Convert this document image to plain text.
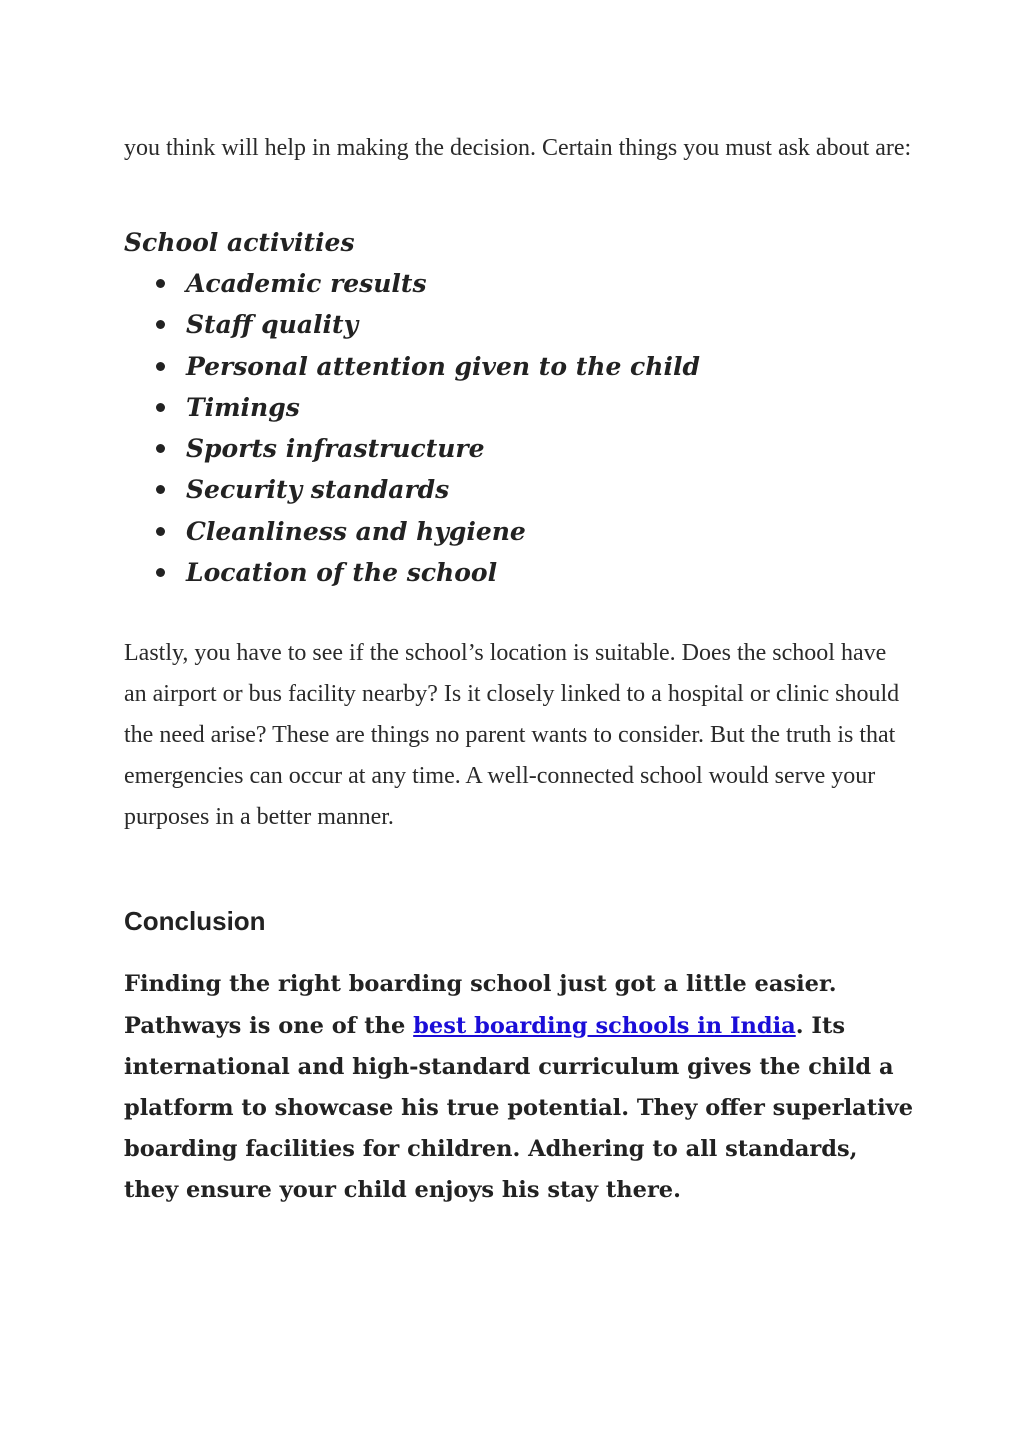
you think will help in making the decision. Certain things you must ask about are:

School activities

Academic results
Staff quality
Personal attention given to the child
Timings
Sports infrastructure
Security standards
Cleanliness and hygiene
Location of the school

Lastly, you have to see if the school’s location is suitable. Does the school have an airport or bus facility nearby? Is it closely linked to a hospital or clinic should the need arise? These are things no parent wants to consider. But the truth is that emergencies can occur at any time. A well-connected school would serve your purposes in a better manner.

Conclusion

Finding the right boarding school just got a little easier. Pathways is one of the best boarding schools in India. Its international and high-standard curriculum gives the child a platform to showcase his true potential. They offer superlative boarding facilities for children. Adhering to all standards, they ensure your child enjoys his stay there.
